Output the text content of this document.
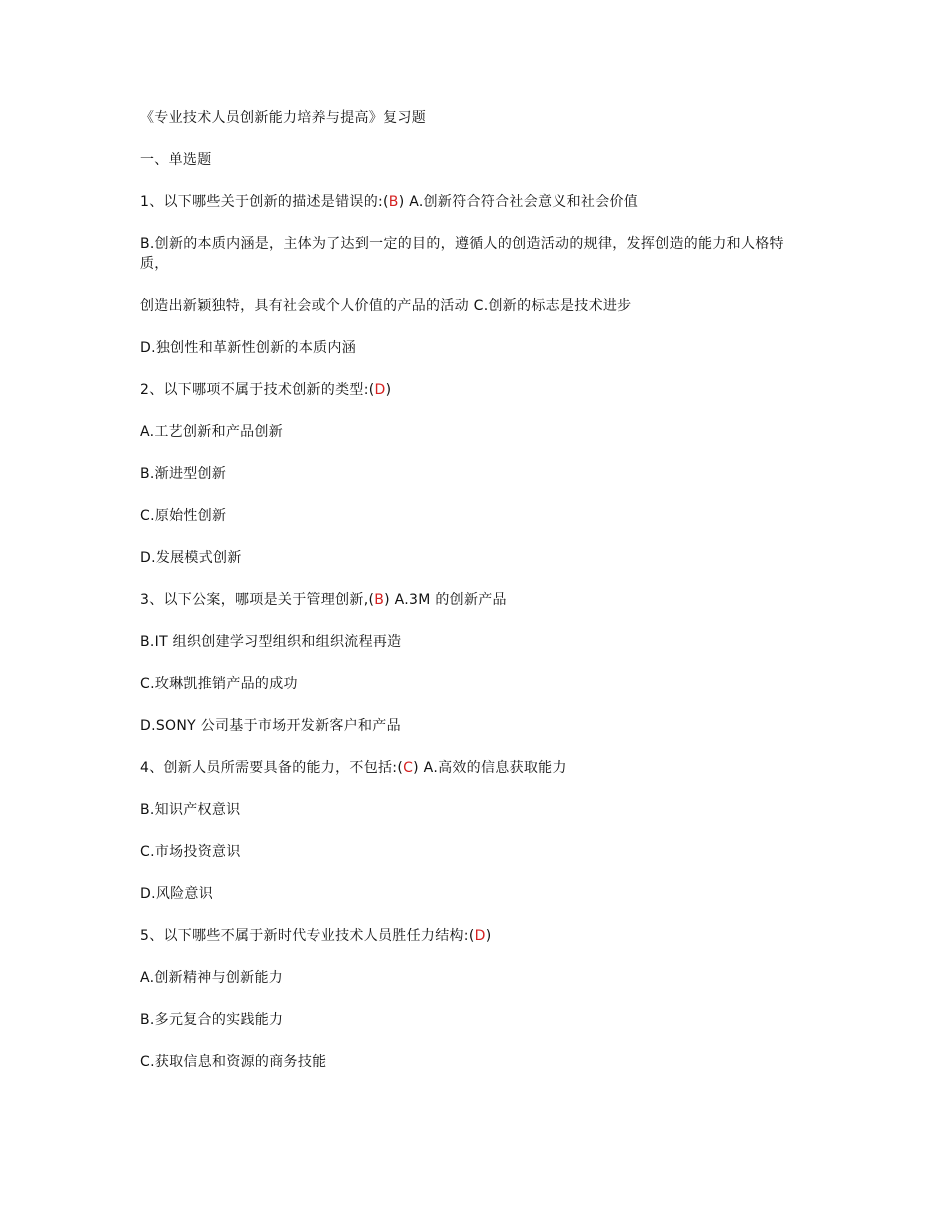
《专业技术人员创新能力培养与提高》复习题

一、单选题

1、以下哪些关于创新的描述是错误的:(B) A.创新符合符合社会意义和社会价值

B.创新的本质内涵是，主体为了达到一定的目的，遵循人的创造活动的规律，发挥创造的能力和人格特质，

创造出新颖独特，具有社会或个人价值的产品的活动 C.创新的标志是技术进步

D.独创性和革新性创新的本质内涵

2、以下哪项不属于技术创新的类型:(D)

A.工艺创新和产品创新

B.渐进型创新

C.原始性创新

D.发展模式创新

3、以下公案，哪项是关于管理创新,(B) A.3M 的创新产品

B.IT 组织创建学习型组织和组织流程再造

C.玫琳凯推销产品的成功

D.SONY 公司基于市场开发新客户和产品

4、创新人员所需要具备的能力，不包括:(C) A.高效的信息获取能力

B.知识产权意识

C.市场投资意识

D.风险意识

5、以下哪些不属于新时代专业技术人员胜任力结构:(D)

A.创新精神与创新能力

B.多元复合的实践能力

C.获取信息和资源的商务技能
